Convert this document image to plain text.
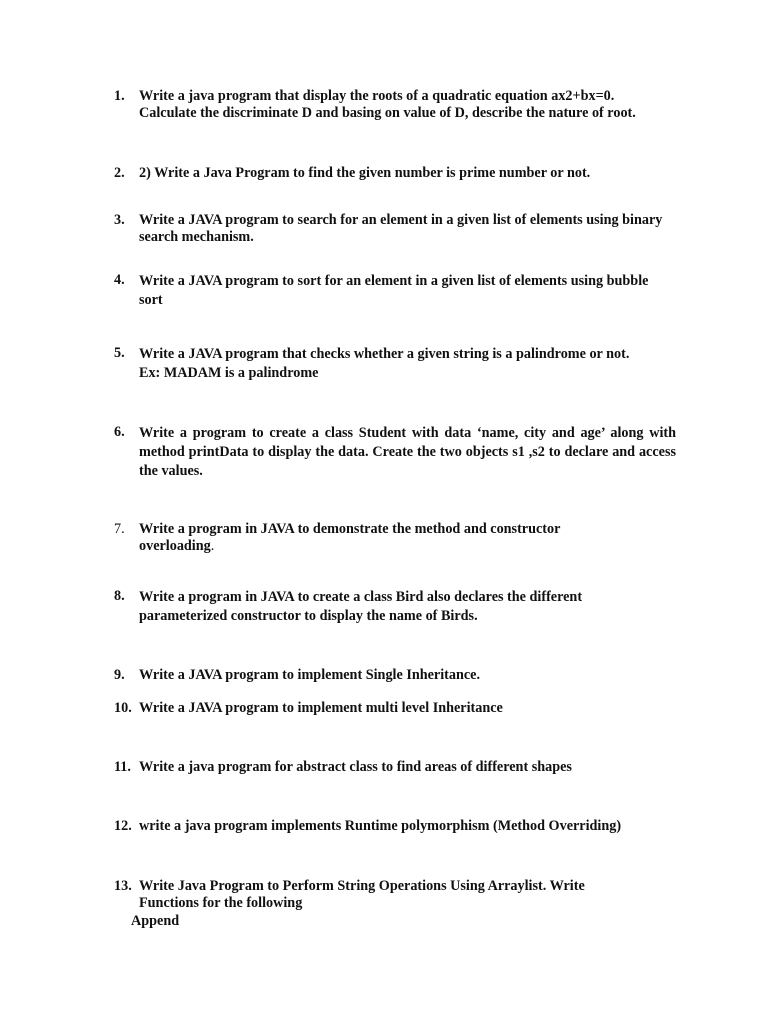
1. Write a java program that display the roots of a quadratic equation ax2+bx=0. Calculate the discriminate D and basing on value of D, describe the nature of root.
2. 2) Write a Java Program to find the given number is prime number or not.
3. Write a JAVA program to search for an element in a given list of elements using binary search mechanism.
4. Write a JAVA program to sort for an element in a given list of elements using bubble sort
5. Write a JAVA program that checks whether a given string is a palindrome or not. Ex: MADAM is a palindrome
6. Write a program to create a class Student with data ‘name, city and age’ along with method printData to display the data. Create the two objects s1 ,s2 to declare and access the values.
7. Write a program in JAVA to demonstrate the method and constructor overloading.
8. Write a program in JAVA to create a class Bird also declares the different parameterized constructor to display the name of Birds.
9. Write a JAVA program to implement Single Inheritance.
10. Write a JAVA program to implement multi level Inheritance
11. Write a java program for abstract class to find areas of different shapes
12. write a java program implements Runtime polymorphism (Method Overriding)
13. Write Java Program to Perform String Operations Using Arraylist. Write Functions for the following
Append
